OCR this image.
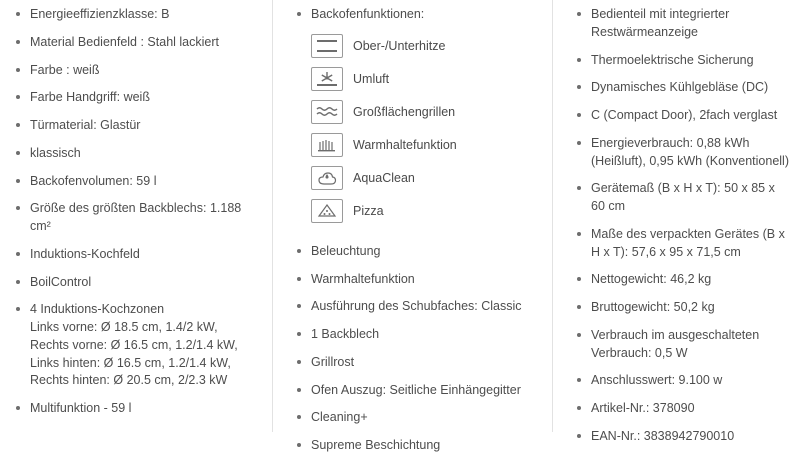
Energieeffizienzklasse: B
Material Bedienfeld : Stahl lackiert
Farbe : weiß
Farbe Handgriff: weiß
Türmaterial: Glastür
klassisch
Backofenvolumen: 59 l
Größe des größten Backblechs: 1.188 cm²
Induktions-Kochfeld
BoilControl
4 Induktions-Kochzonen
Links vorne: Ø 18.5 cm, 1.4/2 kW,
Rechts vorne: Ø 16.5 cm, 1.2/1.4 kW,
Links hinten: Ø 16.5 cm, 1.2/1.4 kW,
Rechts hinten: Ø 20.5 cm, 2/2.3 kW
Multifunktion - 59 l
Backofenfunktionen:
Ober-/Unterhitze
Umluft
Großflächengrillen
Warmhaltefunktion
AquaClean
Pizza
Beleuchtung
Warmhaltefunktion
Ausführung des Schubfaches: Classic
1 Backblech
Grillrost
Ofen Auszug: Seitliche Einhängegitter
Cleaning+
Supreme Beschichtung
Bedienteil mit integrierter Restwärmeanzeige
Thermoelektrische Sicherung
Dynamisches Kühlgebläse (DC)
C (Compact Door), 2fach verglast
Energieverbrauch: 0,88 kWh (Heißluft), 0,95 kWh (Konventionell)
Gerätemaß (B x H x T): 50 x 85 x 60 cm
Maße des verpackten Gerätes (B x H x T): 57,6 x 95 x 71,5 cm
Nettogewicht: 46,2 kg
Bruttogewicht: 50,2 kg
Verbrauch im ausgeschalteten Verbrauch: 0,5 W
Anschlusswert: 9.100 w
Artikel-Nr.: 378090
EAN-Nr.: 3838942790010
